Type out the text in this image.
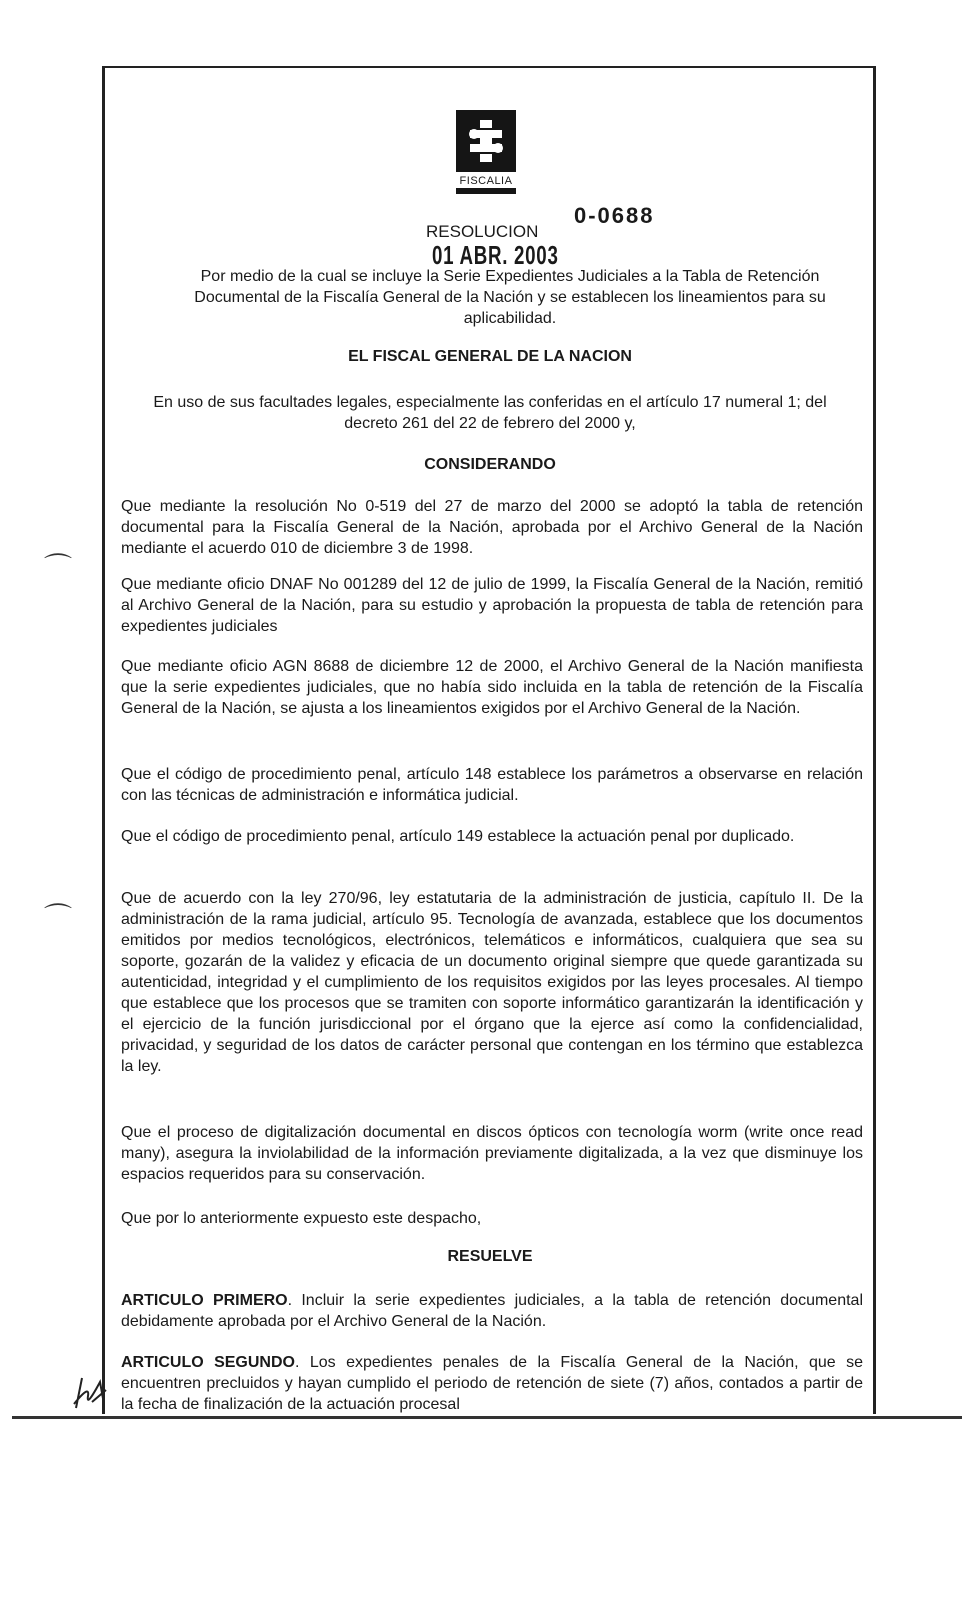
FISCALIA
RESOLUCION
0-0688
01 ABR. 2003
Por medio de la cual se incluye la Serie Expedientes Judiciales a la Tabla de Retención Documental de la Fiscalía General de la Nación y se establecen los lineamientos para su aplicabilidad.
EL FISCAL GENERAL DE LA NACION
En uso de sus facultades legales, especialmente las conferidas en el artículo 17 numeral 1; del decreto 261 del 22 de febrero del 2000 y,
CONSIDERANDO
Que mediante la resolución No 0-519 del 27 de marzo del 2000 se adoptó la tabla de retención documental para la Fiscalía General de la Nación, aprobada por el Archivo General de la Nación mediante el acuerdo 010 de diciembre 3 de 1998.
Que mediante oficio DNAF No 001289 del 12 de julio de 1999, la Fiscalía General de la Nación, remitió al Archivo General de la Nación, para su estudio y aprobación la propuesta de tabla de retención para expedientes judiciales
Que mediante oficio AGN 8688 de diciembre 12 de 2000, el Archivo General de la Nación manifiesta que la serie expedientes judiciales, que no había sido incluida en la tabla de retención de la Fiscalía General de la Nación, se ajusta a los lineamientos exigidos por el Archivo General de la Nación.
Que el código de procedimiento penal, artículo 148 establece los parámetros a observarse en relación con las técnicas de administración e informática judicial.
Que el código de procedimiento penal, artículo 149 establece la actuación penal por duplicado.
Que de acuerdo con la ley 270/96, ley estatutaria de la administración de justicia, capítulo II. De la administración de la rama judicial, artículo 95. Tecnología de avanzada, establece que los documentos emitidos por medios tecnológicos, electrónicos, telemáticos e informáticos, cualquiera que sea su soporte, gozarán de la validez y eficacia de un documento original siempre que quede garantizada su autenticidad, integridad y el cumplimiento de los requisitos exigidos por las leyes procesales. Al tiempo que establece que los procesos que se tramiten con soporte informático garantizarán la identificación y el ejercicio de la función jurisdiccional por el órgano que la ejerce así como la confidencialidad, privacidad, y seguridad de los datos de carácter personal que contengan en los término que establezca la ley.
Que el proceso de digitalización documental en discos ópticos con tecnología worm (write once read many), asegura la inviolabilidad de la información previamente digitalizada, a la vez que disminuye los espacios requeridos para su conservación.
Que por lo anteriormente expuesto este despacho,
RESUELVE
ARTICULO PRIMERO. Incluir la serie expedientes judiciales, a la tabla de retención documental debidamente aprobada por el Archivo General de la Nación.
ARTICULO SEGUNDO. Los expedientes penales de la Fiscalía General de la Nación, que se encuentren precluidos y hayan cumplido el periodo de retención de siete (7) años, contados a partir de la fecha de finalización de la actuación procesal
⌒
⌒
